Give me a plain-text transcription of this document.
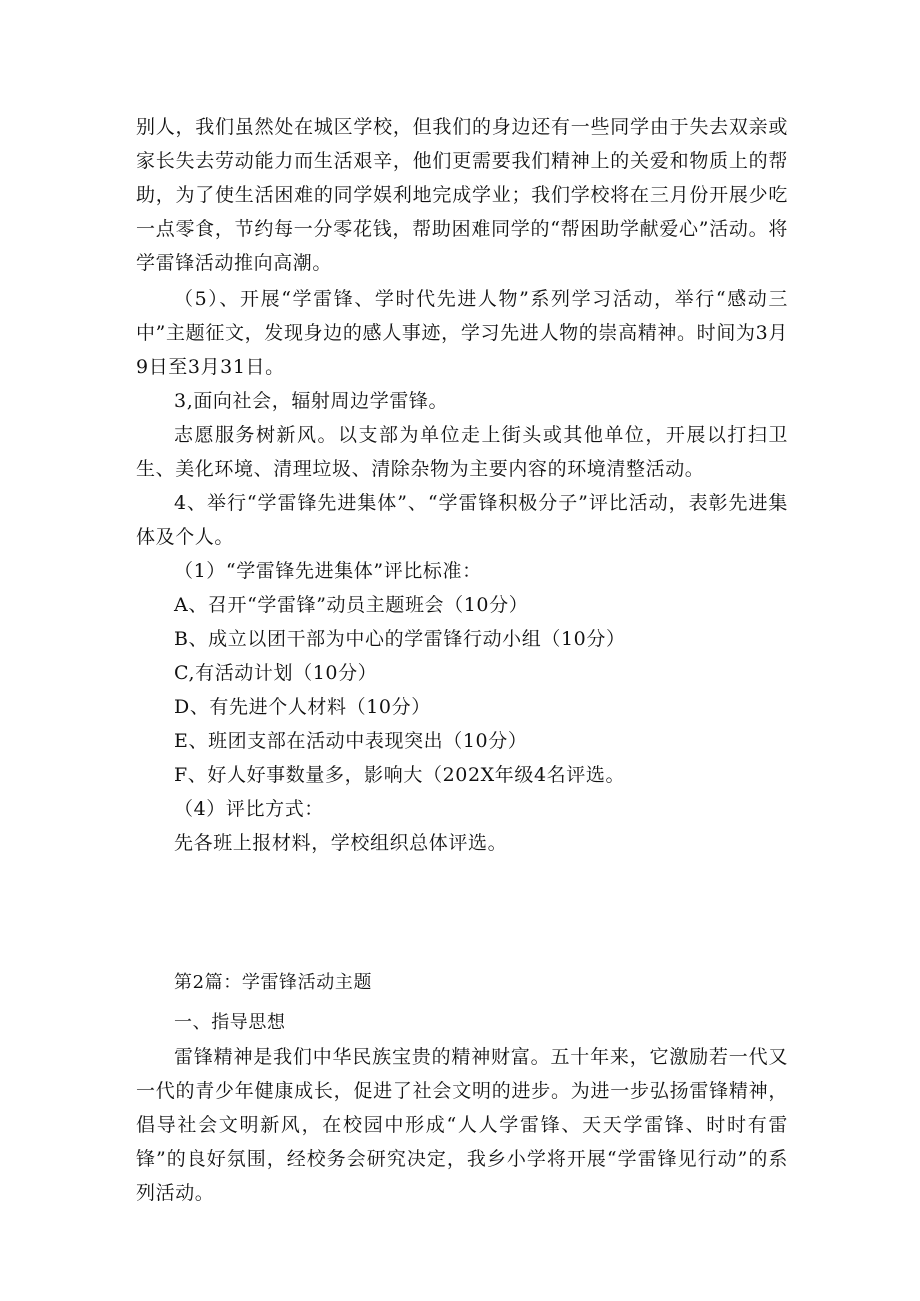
别人，我们虽然处在城区学校，但我们的身边还有一些同学由于失去双亲或家长失去劳动能力而生活艰辛，他们更需要我们精神上的关爱和物质上的帮助，为了使生活困难的同学娱利地完成学业；我们学校将在三月份开展少吃一点零食，节约每一分零花钱，帮助困难同学的“帮困助学献爱心”活动。将学雷锋活动推向高潮。

（5）、开展“学雷锋、学时代先进人物”系列学习活动，举行“感动三中”主题征文，发现身边的感人事迹，学习先进人物的崇高精神。时间为3月9日至3月31日。

3,面向社会，辐射周边学雷锋。

志愿服务树新风。以支部为单位走上街头或其他单位，开展以打扫卫生、美化环境、清理垃圾、清除杂物为主要内容的环境清整活动。

4、举行“学雷锋先进集体”、“学雷锋积极分子”评比活动，表彰先进集体及个人。

（1）“学雷锋先进集体”评比标准：

A、召开“学雷锋”动员主题班会（10分）

B、成立以团干部为中心的学雷锋行动小组（10分）

C,有活动计划（10分）

D、有先进个人材料（10分）

E、班团支部在活动中表现突出（10分）

F、好人好事数量多，影响大（202X年级4名评选。

（4）评比方式：

先各班上报材料，学校组织总体评选。

第2篇：学雷锋活动主题

一、指导思想

雷锋精神是我们中华民族宝贵的精神财富。五十年来，它激励若一代又一代的青少年健康成长，促进了社会文明的进步。为进一步弘扬雷锋精神，倡导社会文明新风，在校园中形成“人人学雷锋、天天学雷锋、时时有雷锋”的良好氛围，经校务会研究决定，我乡小学将开展“学雷锋见行动”的系列活动。
